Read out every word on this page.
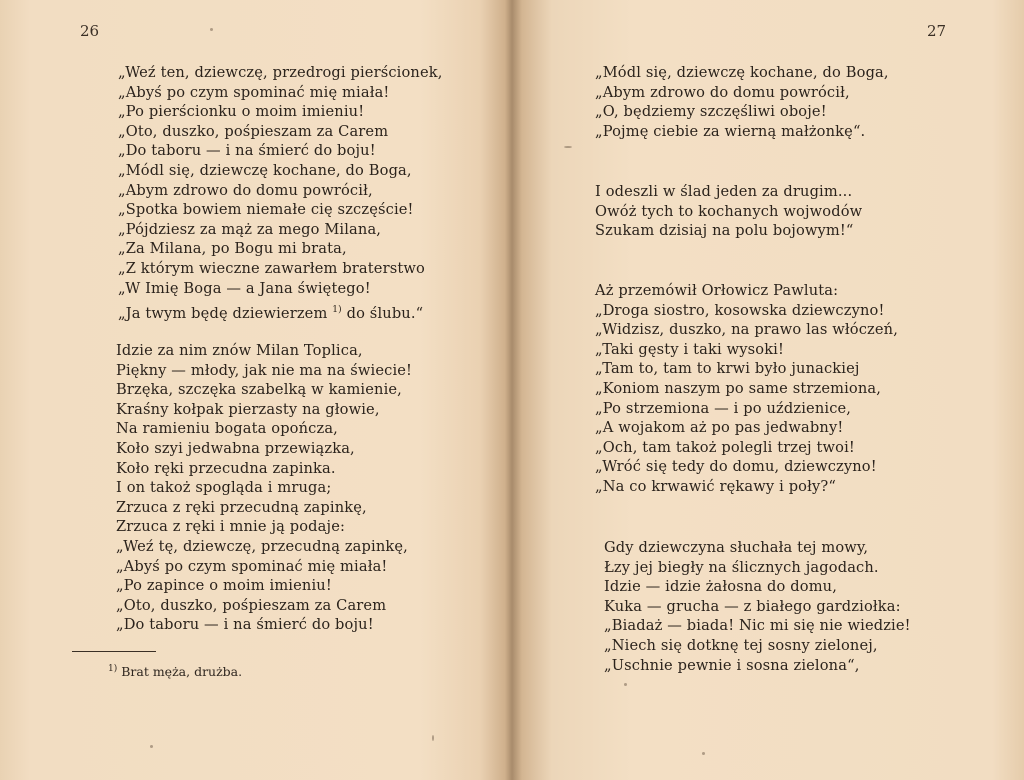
26
„Weź ten, dziewczę, przedrogi pierścionek,
„Abyś po czym spominać mię miała!
„Po pierścionku o moim imieniu!
„Oto, duszko, pośpieszam za Carem
„Do taboru — i na śmierć do boju!
„Módl się, dziewczę kochane, do Boga,
„Abym zdrowo do domu powrócił,
„Spotka bowiem niemałe cię szczęście!
„Pójdziesz za mąż za mego Milana,
„Za Milana, po Bogu mi brata,
„Z którym wieczne zawarłem braterstwo
„W Imię Boga — a Jana świętego!
„Ja twym będę dziewierzem $^{1)}$ do ślubu.“
Idzie za nim znów Milan Toplica,
Piękny — młody, jak nie ma na świecie!
Brzęka, szczęka szabelką w kamienie,
Kraśny kołpak pierzasty na głowie,
Na ramieniu bogata opończa,
Koło szyi jedwabna przewiązka,
Koło ręki przecudna zapinka.
I on takoż spogląda i mruga;
Zrzuca z ręki przecudną zapinkę,
Zrzuca z ręki i mnie ją podaje:
„Weź tę, dziewczę, przecudną zapinkę,
„Abyś po czym spominać mię miała!
„Po zapince o moim imieniu!
„Oto, duszko, pośpieszam za Carem
„Do taboru — i na śmierć do boju!
$^{1)}$ Brat męża, drużba.
27
„Módl się, dziewczę kochane, do Boga,
„Abym zdrowo do domu powrócił,
„O, będziemy szczęśliwi oboje!
„Pojmę ciebie za wierną małżonkę“.
I odeszli w ślad jeden za drugim...
Owóż tych to kochanych wojwodów
Szukam dzisiaj na polu bojowym!“
Aż przemówił Orłowicz Pawluta:
„Droga siostro, kosowska dziewczyno!
„Widzisz, duszko, na prawo las włóczeń,
„Taki gęsty i taki wysoki!
„Tam to, tam to krwi było junackiej
„Koniom naszym po same strzemiona,
„Po strzemiona — i po uździenice,
„A wojakom aż po pas jedwabny!
„Och, tam takoż polegli trzej twoi!
„Wróć się tedy do domu, dziewczyno!
„Na co krwawić rękawy i poły?“
Gdy dziewczyna słuchała tej mowy,
Łzy jej biegły na ślicznych jagodach.
Idzie — idzie żałosna do domu,
Kuka — grucha — z białego gardziołka:
„Biadaż — biada! Nic mi się nie wiedzie!
„Niech się dotknę tej sosny zielonej,
„Uschnie pewnie i sosna zielona“,
